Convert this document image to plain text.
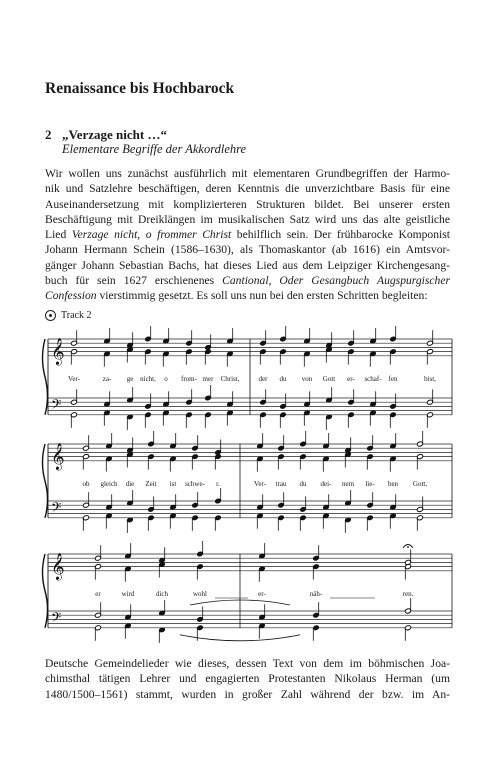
Renaissance bis Hochbarock
2 „Verzage nicht …“
Elementare Begriffe der Akkordlehre
Wir wollen uns zunächst ausführlich mit elementaren Grundbegriffen der Harmo-
nik und Satzlehre beschäftigen, deren Kenntnis die unverzichtbare Basis für eine
Auseinandersetzung mit komplizierteren Strukturen bildet. Bei unserer ersten
Beschäftigung mit Dreiklängen im musikalischen Satz wird uns das alte geistliche
Lied Verzage nicht, o frommer Christ behilflich sein. Der frühbarocke Komponist
Johann Hermann Schein (1586–1630), als Thomaskantor (ab 1616) ein Amtsvor-
gänger Johann Sebastian Bachs, hat dieses Lied aus dem Leipziger Kirchengesang-
buch für sein 1627 erschienenes Cantional, Oder Gesangbuch Augspurgischer
Confession vierstimmig gesetzt. Es soll uns nun bei den ersten Schritten begleiten:
Track 2
𝄞
𝄢
𝄞
𝄢
𝄞
𝄢
Ver-	za- ge nicht, o from- mer Christ,	der du von Gott er- schaf- fen	bist,
ob gleich die Zeit ist schwe- r.	Ver- trau du dei- nem lie- ben Gott,
er	wird	dich	wohl	er-	näh-	ren.
Deutsche Gemeindelieder wie dieses, dessen Text von dem im böhmischen Joa-
chimsthal tätigen Lehrer und engagierten Protestanten Nikolaus Herman (um
1480/1500–1561) stammt, wurden in großer Zahl während der bzw. im An-
